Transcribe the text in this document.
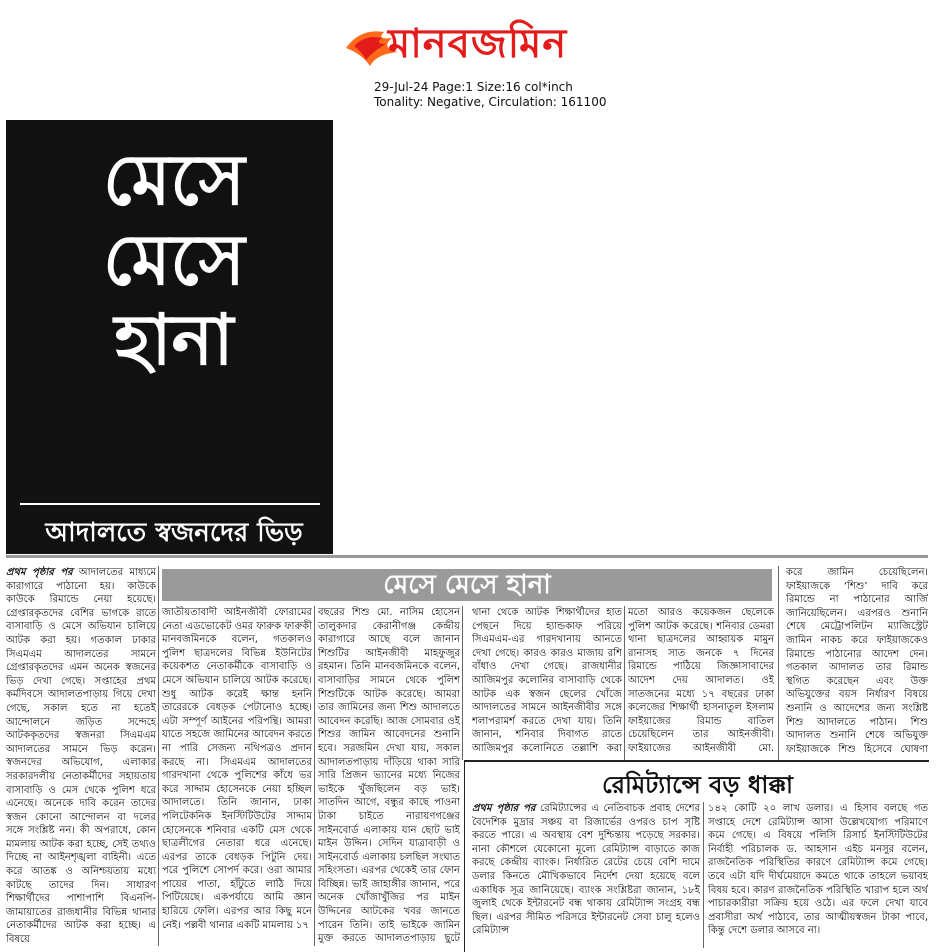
মানবজমিন
29-Jul-24 Page:1 Size:16 col*inch
Tonality: Negative, Circulation: 161100
মেসে
মেসে
হানা
আদালতে স্বজনদের ভিড়
মেসে মেসে হানা
প্রথম পৃষ্ঠার পর আদালতের মাধ্যমে কারাগারে পাঠানো হয়। কাউকে কাউকে রিমান্ডে নেয়া হয়েছে। গ্রেপ্তারকৃতদের বেশির ভাগকে রাতে বাসাবাড়ি ও মেসে অভিযান চালিয়ে আটক করা হয়। গতকাল ঢাকার সিএমএম আদালতের সামনে গ্রেপ্তারকৃতদের এমন অনেক স্বজনের ভিড় দেখা গেছে। সপ্তাহের প্রথম কর্মদিবসে আদালতপাড়ায় গিয়ে দেখা গেছে, সকাল হতে না হতেই আন্দোলনে জড়িত সন্দেহে আটককৃতদের স্বজনরা সিএমএম আদালতের সামনে ভিড় করেন। স্বজনদের অভিযোগ, এলাকার সরকারদলীয় নেতাকর্মীদের সহায়তায় বাসাবাড়ি ও মেস থেকে পুলিশ ধরে এনেছে। অনেকে দাবি করেন তাদের স্বজন কোনো আন্দোলন বা দলের সঙ্গে সংশ্লিষ্ট নন। কী অপরাধে, কোন মামলায় আটক করা হচ্ছে, সেই তথ্যও দিচ্ছে না আইনশৃঙ্খলা বাহিনী। এতে করে আতঙ্ক ও অনিশ্চয়তায় মধ্যে কাটছে তাদের দিন। সাধারণ শিক্ষার্থীদের পাশাপাশি বিএনপি-জামায়াতের রাজধানীর বিভিন্ন থানার নেতাকর্মীদের আটক করা হচ্ছে। এ বিষয়ে
জাতীয়তাবাদী আইনজীবী ফোরামের নেতা এডভোকেট ওমর ফারুক ফারুকী মানবজমিনকে বলেন, গতকালও পুলিশ ছাত্রদলের বিভিন্ন ইউনিটের কয়েকশত নেতাকর্মীকে বাসাবাড়ি ও মেসে অভিযান চালিয়ে আটক করেছে। শুধু আটক করেই ক্ষান্ত হননি তারেরকে বেধড়ক পেটানোও হচ্ছে। এটা সম্পূর্ণ আইনের পরিপন্থি। আমরা যাতে সহজে জামিনের আবেদন করতে না পারি সেজন্য নথিপত্রও প্রদান করছে না। সিএমএম আদালতের গারদখানা থেকে পুলিশের কাঁধে ভর করে সাদ্দাম হোসেনকে নেয়া হচ্ছিল আদালতে। তিনি জানান, ঢাকা পলিটেকনিক ইনস্টিটিউটের সাদ্দাম হোসেনকে শনিবার একটি মেস থেকে ছাত্রলীগের নেতারা ধরে এনেছে। এরপর তাকে বেধড়ক পিটুনি দেয়। পরে পুলিশে সোপর্দ করে। ওরা আমার পায়ের পাতা, হাঁটুতে লাঠি দিয়ে পিটিয়েছে। একপর্যায়ে আমি জ্ঞান হারিয়ে ফেলি। এরপর আর কিছু মনে নেই। পল্লবী থানার একটি মামলায় ১৭
বছরের শিশু মো. নাসিম হোসেন তালুকদার কেরানীগঞ্জ কেন্দ্রীয় কারাগারে আছে বলে জানান শিশুটির আইনজীবী মাহফুজুর রহমান। তিনি মানবজমিনকে বলেন, বাসাবাড়ির সামনে থেকে পুলিশ শিশুটিকে আটক করেছে। আমরা তার জামিনের জন্য শিশু আদালতে আবেদন করেছি। আজ সোমবার ওই শিশুর জামিন আবেদনের শুনানি হবে। সরজমিন দেখা যায়, সকাল আদালতপাড়ায় দাঁড়িয়ে থাকা সারি সারি প্রিজন ভ্যানের মধ্যে নিজের ভাইকে খুঁজছিলেন বড় ভাই। সাতদিন আগে, বন্ধুর কাছে পাওনা টাকা চাইতে নারায়ণগঞ্জের সাইনবোর্ড এলাকায় যান ছোট ভাই মাইন উদ্দিন। সেদিন যাত্রাবাড়ী ও সাইনবোর্ড এলাকায় চলছিল সংঘাত সহিংসতা। এরপর থেকেই তার ফোন বিচ্ছিন্ন। ভাই জাহাঙ্গীর জানান, পরে অনেক খোঁজাখুঁজির পর মাইন উদ্দিনের আটকের খবর জানতে পারেন তিনি। তাই ভাইকে জামিন মুক্ত করতে আদালতপাড়ায় ছুটে
থানা থেকে আটক শিক্ষার্থীদের হাত পেছনে দিয়ে হ্যান্ডকাফ পরিয়ে সিএমএম-এর গারদখানায় আনতে দেখা গেছে। কারও কারও মাজায় রশি বাঁধাও দেখা গেছে। রাজধানীর আজিমপুর কলোনির বাসাবাড়ি থেকে আটক এক স্বজন ছেলের খোঁজে আদালতের সামনে আইনজীবীর সঙ্গে শলাপরামর্শ করতে দেখা যায়। তিনি জানান, শনিবার দিবাগত রাতে আজিমপুর কলোনিতে তল্লাশি করা
মতো আরও কয়েকজন ছেলেকে পুলিশ আটক করেছে। শনিবার ডেমরা থানা ছাত্রদলের আহ্বায়ক মামুন রানাসহ সাত জনকে ৭ দিনের রিমান্ডে পাঠিয়ে জিজ্ঞাসাবাদের আদেশ দেয় আদালত। ওই সাতজনের মধ্যে ১৭ বছরের ঢাকা কলেজের শিক্ষার্থী হাসনাতুল ইসলাম ফাইয়াজের রিমান্ড বাতিল চেয়েছিলেন তার আইনজীবী। ফাইয়াজের আইনজীবী মো.
করে জামিন চেয়েছিলেন। ফাইয়াজকে ‘শিশু’ দাবি করে রিমান্ডে না পাঠানোর আর্জি জানিয়েছিলেন। এরপরও শুনানি শেষে মেট্রোপলিটন ম্যাজিস্ট্রেট জামিন নাকচ করে ফাইয়াজকেও রিমান্ডে পাঠানোর আদেশ দেন। গতকাল আদালত তার রিমান্ড স্থগিত করেছেন এবং উক্ত অভিযুক্তের বয়স নির্ধারণ বিষয়ে শুনানি ও আদেশের জন্য সংশ্লিষ্ট শিশু আদালতে পাঠান। শিশু আদালত শুনানি শেষে অভিযুক্ত ফাইয়াজকে শিশু হিসেবে ঘোষণা
রেমিট্যান্সে বড় ধাক্কা
প্রথম পৃষ্ঠার পর রেমিট্যান্সের এ নেতিবাচক প্রবাহ দেশের বৈদেশিক মুদ্রার সঞ্চয় বা রিজার্ভের ওপরও চাপ সৃষ্টি করতে পারে। এ অবস্থায় বেশ দুশ্চিন্তায় পড়েছে সরকার। নানা কৌশলে যেকোনো মূল্যে রেমিট্যান্স বাড়াতে কাজ করছে কেন্দ্রীয় ব্যাংক। নির্ধারিত রেটের চেয়ে বেশি দামে ডলার কিনতে মৌখিকভাবে নির্দেশ দেয়া হয়েছে বলে একাধিক সূত্র জানিয়েছে। ব্যাংক সংশ্লিষ্টরা জানান, ১৮ই জুলাই থেকে ইন্টারনেট বন্ধ থাকায় রেমিট্যান্স সংগ্রহ বন্ধ ছিল। এরপর সীমিত পরিসরে ইন্টারনেট সেবা চালু হলেও রেমিট্যান্স
১৪২ কোটি ২০ লাখ ডলার। এ হিসাব বলছে গত সপ্তাহে দেশে রেমিট্যান্স আসা উল্লেখযোগ্য পরিমাণে কমে গেছে। এ বিষয়ে পলিসি রিসার্চ ইনস্টিটিউটের নির্বাহী পরিচালক ড. আহসান এইচ মনসুর বলেন, রাজনৈতিক পরিস্থিতির কারণে রেমিট্যান্স কমে গেছে। তবে এটা যদি দীর্ঘমেয়াদে কমতে থাকে তাহলে ভয়াবহ বিষয় হবে। কারণ রাজনৈতিক পরিস্থিতি খারাপ হলে অর্থ পাচারকারীরা সক্রিয় হয়ে ওঠে। এর ফলে দেখা যাবে প্রবাসীরা অর্থ পাঠাবে, তার আত্মীয়স্বজন টাকা পাবে, কিন্তু দেশে ডলার আসবে না।
